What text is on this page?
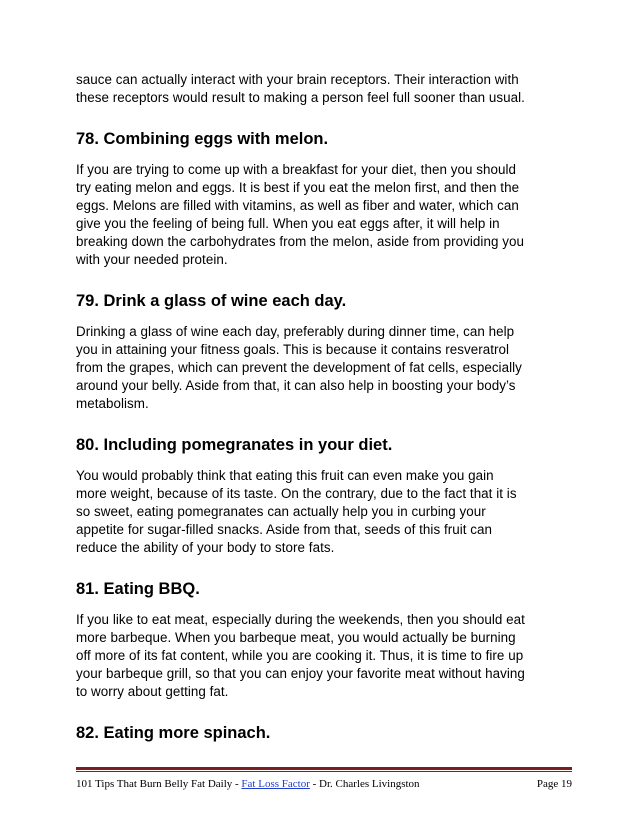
sauce can actually interact with your brain receptors. Their interaction with
these receptors would result to making a person feel full sooner than usual.

78. Combining eggs with melon.

If you are trying to come up with a breakfast for your diet, then you should
try eating melon and eggs. It is best if you eat the melon first, and then the
eggs. Melons are filled with vitamins, as well as fiber and water, which can
give you the feeling of being full. When you eat eggs after, it will help in
breaking down the carbohydrates from the melon, aside from providing you
with your needed protein.

79. Drink a glass of wine each day.

Drinking a glass of wine each day, preferably during dinner time, can help
you in attaining your fitness goals. This is because it contains resveratrol
from the grapes, which can prevent the development of fat cells, especially
around your belly. Aside from that, it can also help in boosting your body’s
metabolism.

80. Including pomegranates in your diet.

You would probably think that eating this fruit can even make you gain
more weight, because of its taste. On the contrary, due to the fact that it is
so sweet, eating pomegranates can actually help you in curbing your
appetite for sugar-filled snacks. Aside from that, seeds of this fruit can
reduce the ability of your body to store fats.

81. Eating BBQ.

If you like to eat meat, especially during the weekends, then you should eat
more barbeque. When you barbeque meat, you would actually be burning
off more of its fat content, while you are cooking it. Thus, it is time to fire up
your barbeque grill, so that you can enjoy your favorite meat without having
to worry about getting fat.

82. Eating more spinach.
101 Tips That Burn Belly Fat Daily - Fat Loss Factor - Dr. Charles Livingston	Page 19
